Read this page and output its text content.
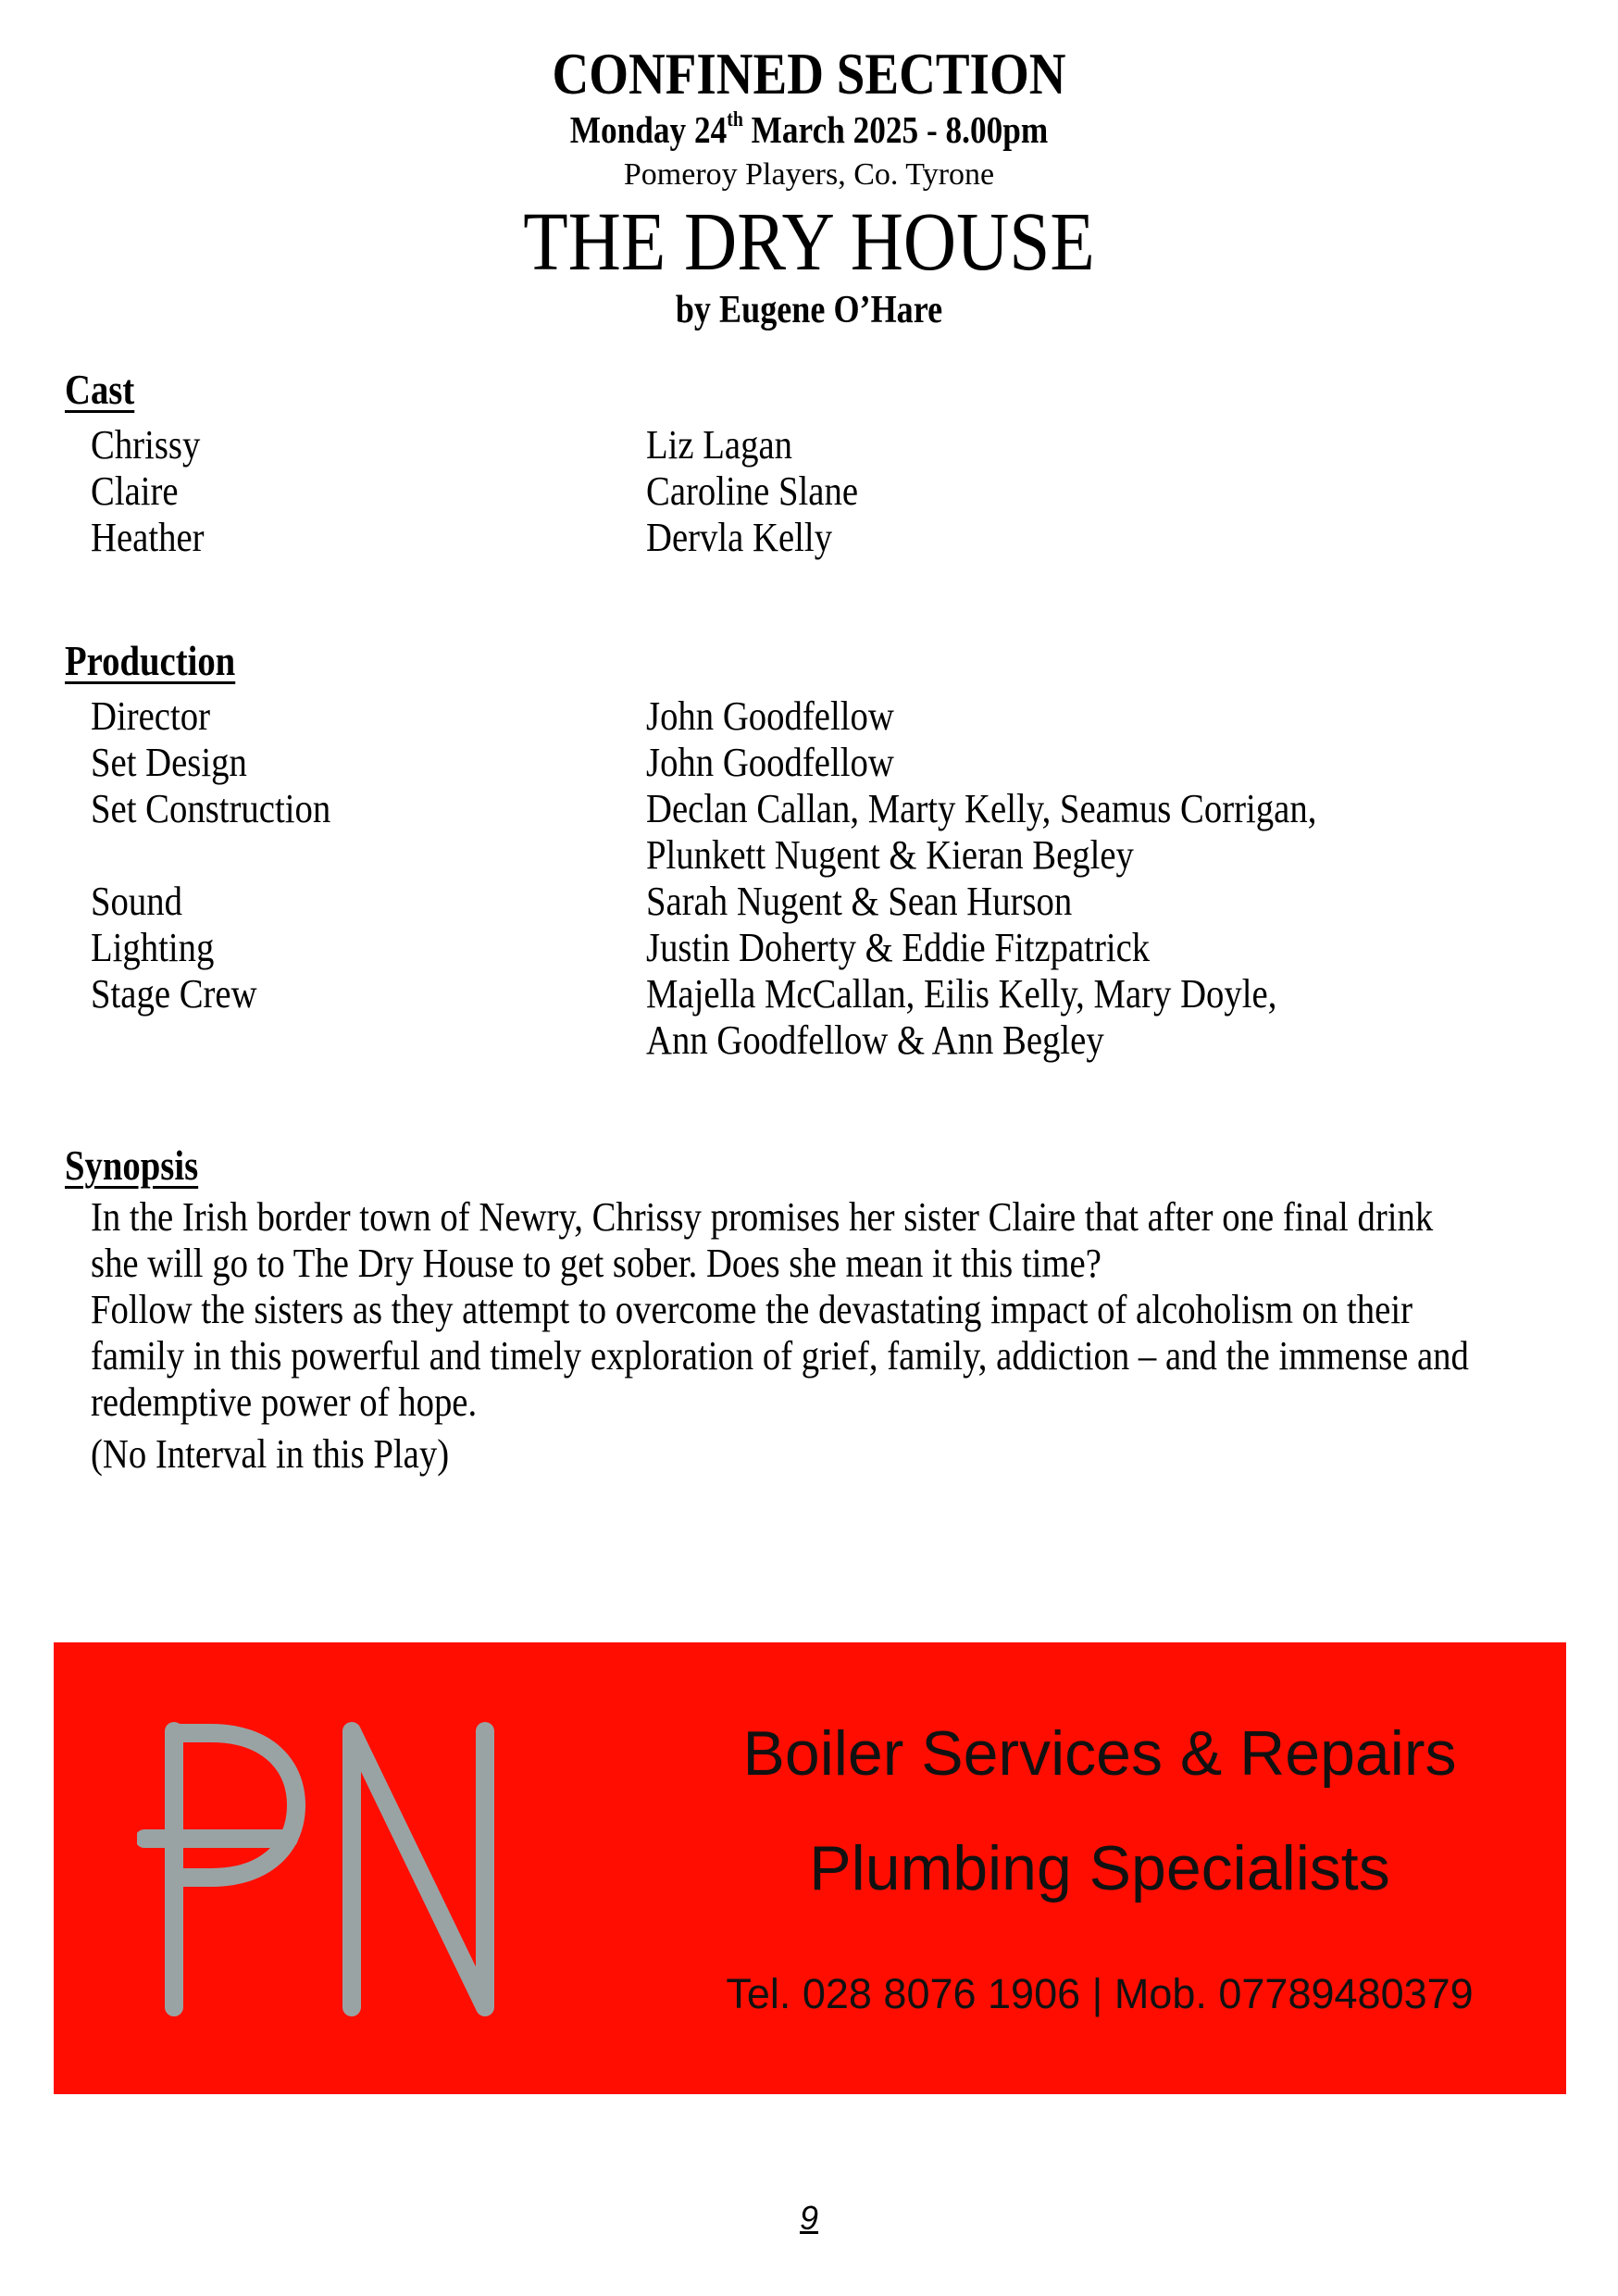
CONFINED SECTION
Monday 24th March 2025 - 8.00pm
Pomeroy Players, Co. Tyrone
THE DRY HOUSE
by Eugene O’Hare
Cast
Chrissy	Liz Lagan
Claire	Caroline Slane
Heather	Dervla Kelly
Production
Director	John Goodfellow
Set Design	John Goodfellow
Set Construction	Declan Callan, Marty Kelly, Seamus Corrigan,
Plunkett Nugent & Kieran Begley
Sound	Sarah Nugent & Sean Hurson
Lighting	Justin Doherty & Eddie Fitzpatrick
Stage Crew	Majella McCallan, Eilis Kelly, Mary Doyle,
Ann Goodfellow & Ann Begley
Synopsis

In the Irish border town of Newry, Chrissy promises her sister Claire that after one final drink she will go to The Dry House to get sober. Does she mean it this time?

Follow the sisters as they attempt to overcome the devastating impact of alcoholism on their family in this powerful and timely exploration of grief, family, addiction – and the immense and redemptive power of hope.

(No Interval in this Play)

Boiler Services & Repairs
Plumbing Specialists
Tel. 028 8076 1906 | Mob. 07789480379
9
